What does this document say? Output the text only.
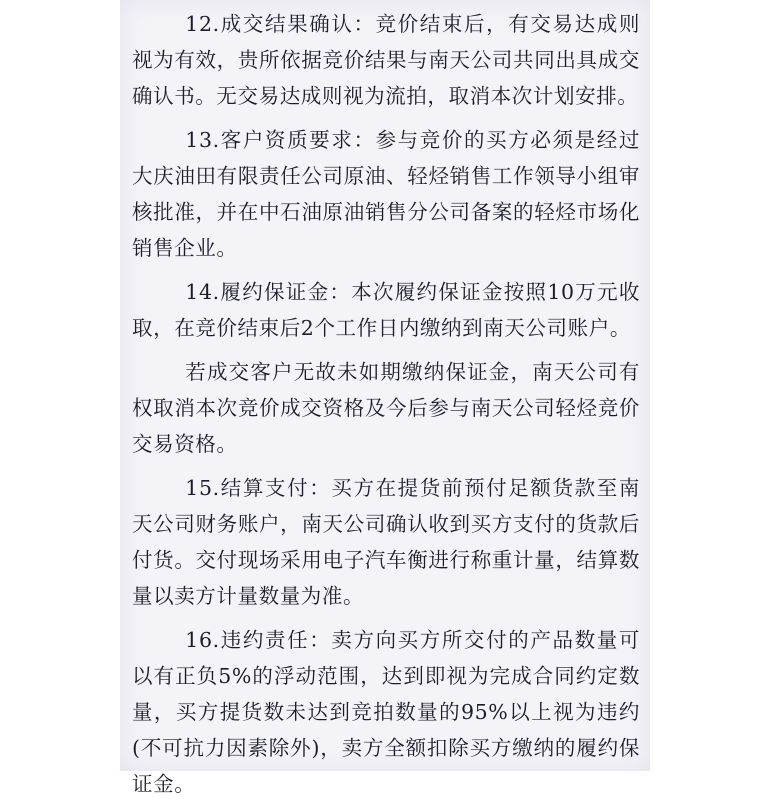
12.成交结果确认：竞价结束后，有交易达成则视为有效，贵所依据竞价结果与南天公司共同出具成交确认书。无交易达成则视为流拍，取消本次计划安排。

13.客户资质要求：参与竞价的买方必须是经过大庆油田有限责任公司原油、轻烃销售工作领导小组审核批准，并在中石油原油销售分公司备案的轻烃市场化销售企业。

14.履约保证金：本次履约保证金按照10万元收取，在竞价结束后2个工作日内缴纳到南天公司账户。

若成交客户无故未如期缴纳保证金，南天公司有权取消本次竞价成交资格及今后参与南天公司轻烃竞价交易资格。

15.结算支付：买方在提货前预付足额货款至南天公司财务账户，南天公司确认收到买方支付的货款后付货。交付现场采用电子汽车衡进行称重计量，结算数量以卖方计量数量为准。

16.违约责任：卖方向买方所交付的产品数量可以有正负5%的浮动范围，达到即视为完成合同约定数量，买方提货数未达到竞拍数量的95%以上视为违约(不可抗力因素除外)，卖方全额扣除买方缴纳的履约保证金。
